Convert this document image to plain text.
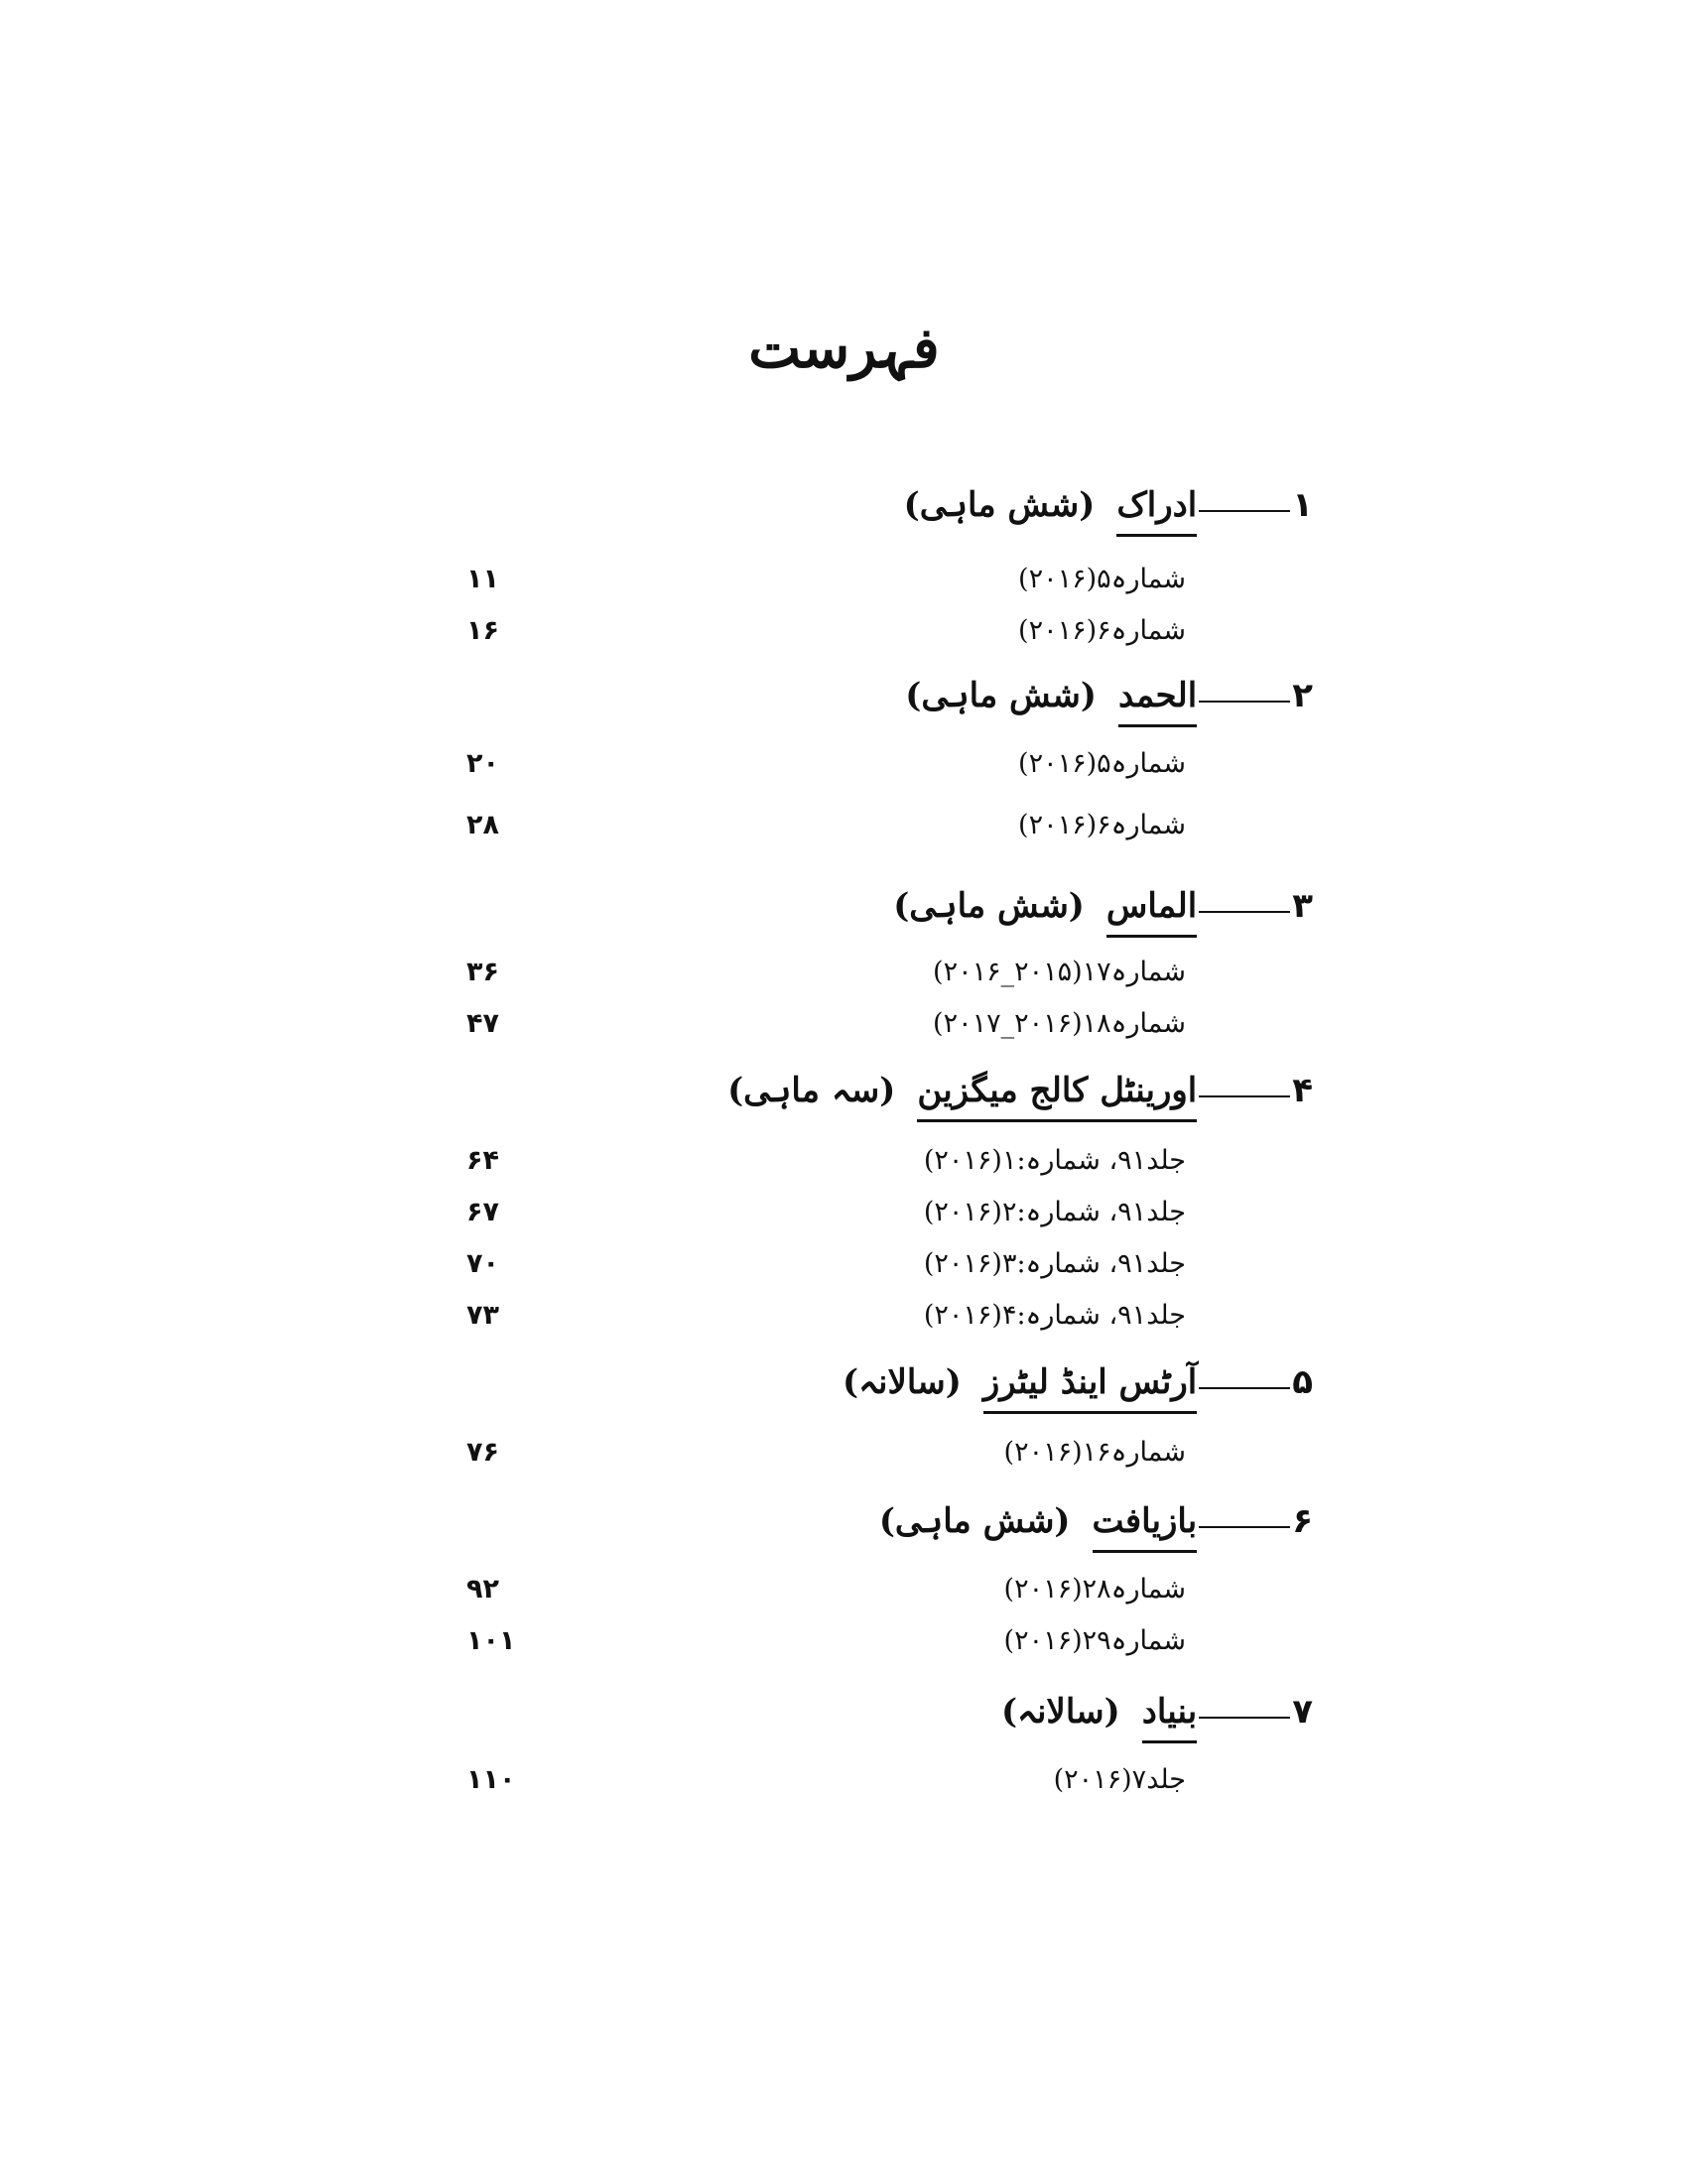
فہرست
۱
ادراک
(شش ماہی)
شمارہ۵(۲۰۱۶)
۱۱
شمارہ۶(۲۰۱۶)
۱۶
۲
الحمد
(شش ماہی)
شمارہ۵(۲۰۱۶)
۲۰
شمارہ۶(۲۰۱۶)
۲۸
۳
الماس
(شش ماہی)
شمارہ۱۷(۲۰۱۵_۲۰۱۶)
۳۶
شمارہ۱۸(۲۰۱۶_۲۰۱۷)
۴۷
۴
اورینٹل کالج میگزین
(سہ ماہی)
جلد۹۱، شمارہ:۱(۲۰۱۶)
۶۴
جلد۹۱، شمارہ:۲(۲۰۱۶)
۶۷
جلد۹۱، شمارہ:۳(۲۰۱۶)
۷۰
جلد۹۱، شمارہ:۴(۲۰۱۶)
۷۳
۵
آرٹس اینڈ لیٹرز
(سالانہ)
شمارہ۱۶(۲۰۱۶)
۷۶
۶
بازیافت
(شش ماہی)
شمارہ۲۸(۲۰۱۶)
۹۲
شمارہ۲۹(۲۰۱۶)
۱۰۱
۷
بنیاد
(سالانہ)
جلد۷(۲۰۱۶)
۱۱۰
